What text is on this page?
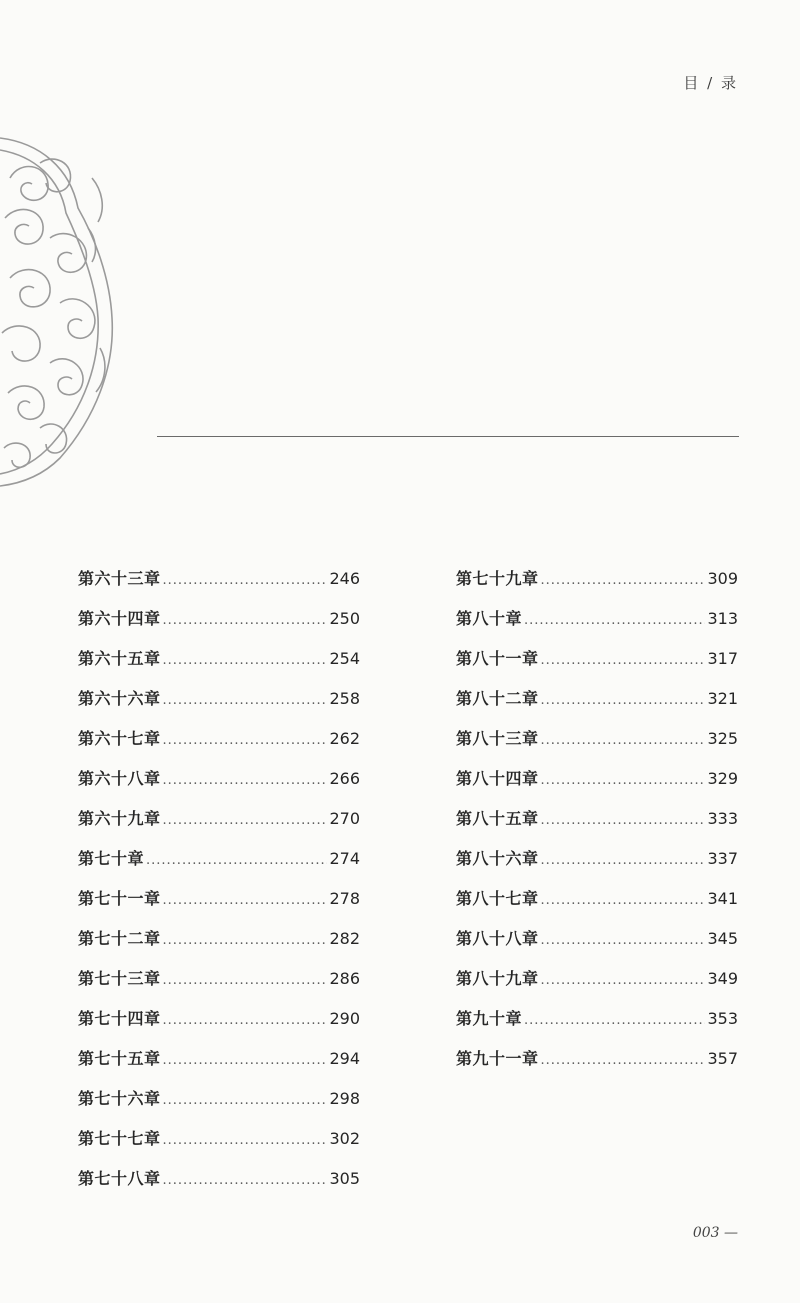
目 / 录
第六十三章 .....	246
第六十四章 .....	250
第六十五章 .....	254
第六十六章 .....	258
第六十七章 .....	262
第六十八章 .....	266
第六十九章 .....	270
第七十章 .....	274
第七十一章 .....	278
第七十二章 .....	282
第七十三章 .....	286
第七十四章 .....	290
第七十五章 .....	294
第七十六章 .....	298
第七十七章 .....	302
第七十八章 .....	305
第七十九章 .....	309
第八十章 .....	313
第八十一章 .....	317
第八十二章 .....	321
第八十三章 .....	325
第八十四章 .....	329
第八十五章 .....	333
第八十六章 .....	337
第八十七章 .....	341
第八十八章 .....	345
第八十九章 .....	349
第九十章 .....	353
第九十一章 .....	357
003 —
